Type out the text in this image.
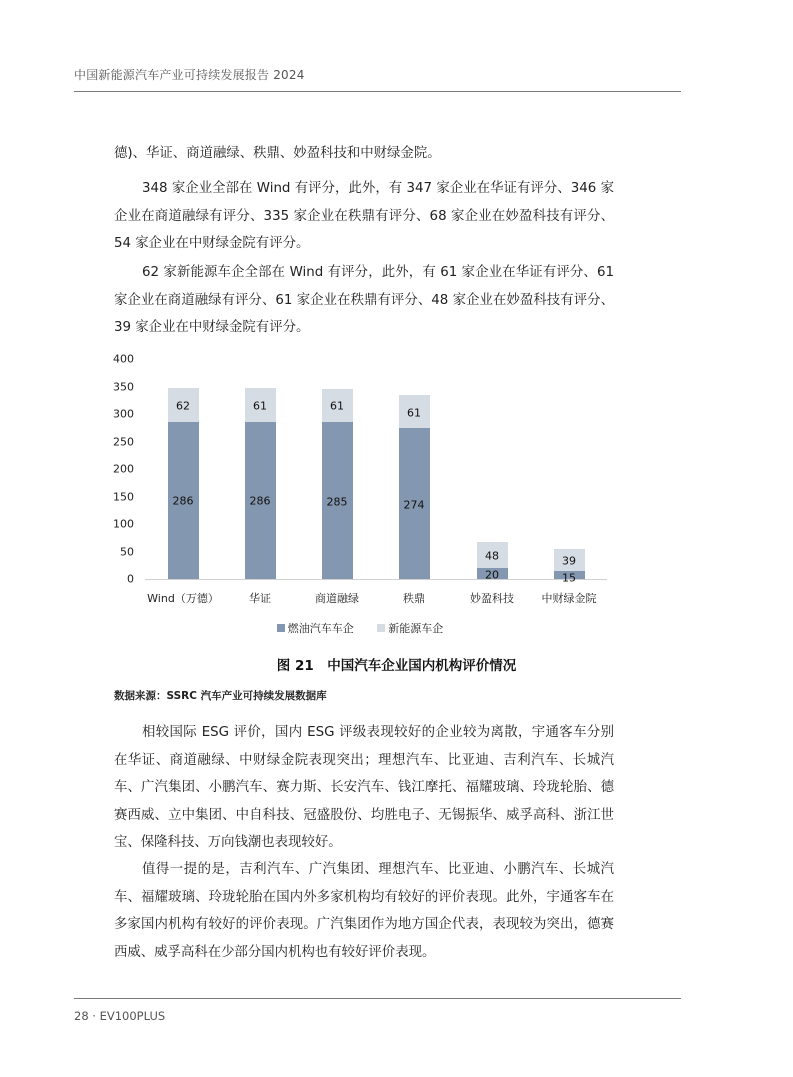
中国新能源汽车产业可持续发展报告 2024

德)、华证、商道融绿、秩鼎、妙盈科技和中财绿金院。

348 家企业全部在 Wind 有评分，此外，有 347 家企业在华证有评分、346 家企业在商道融绿有评分、335 家企业在秩鼎有评分、68 家企业在妙盈科技有评分、54 家企业在中财绿金院有评分。

62 家新能源车企全部在 Wind 有评分，此外，有 61 家企业在华证有评分、61 家企业在商道融绿有评分、61 家企业在秩鼎有评分、48 家企业在妙盈科技有评分、39 家企业在中财绿金院有评分。

0
50
100
150
200
250
300
350
400
62
286
61
286
61
285
61
274
48
20
39
15
Wind（万德）	华证	商道融绿	秩鼎	妙盈科技	中财绿金院
燃油汽车车企	新能源车企
图 21　中国汽车企业国内机构评价情况
数据来源：SSRC 汽车产业可持续发展数据库

相较国际 ESG 评价，国内 ESG 评级表现较好的企业较为离散，宇通客车分别在华证、商道融绿、中财绿金院表现突出；理想汽车、比亚迪、吉利汽车、长城汽车、广汽集团、小鹏汽车、赛力斯、长安汽车、钱江摩托、福耀玻璃、玲珑轮胎、德赛西威、立中集团、中自科技、冠盛股份、均胜电子、无锡振华、威孚高科、浙江世宝、保隆科技、万向钱潮也表现较好。

值得一提的是，吉利汽车、广汽集团、理想汽车、比亚迪、小鹏汽车、长城汽车、福耀玻璃、玲珑轮胎在国内外多家机构均有较好的评价表现。此外，宇通客车在多家国内机构有较好的评价表现。广汽集团作为地方国企代表，表现较为突出，德赛西威、威孚高科在少部分国内机构也有较好评价表现。

28 · EV100PLUS
